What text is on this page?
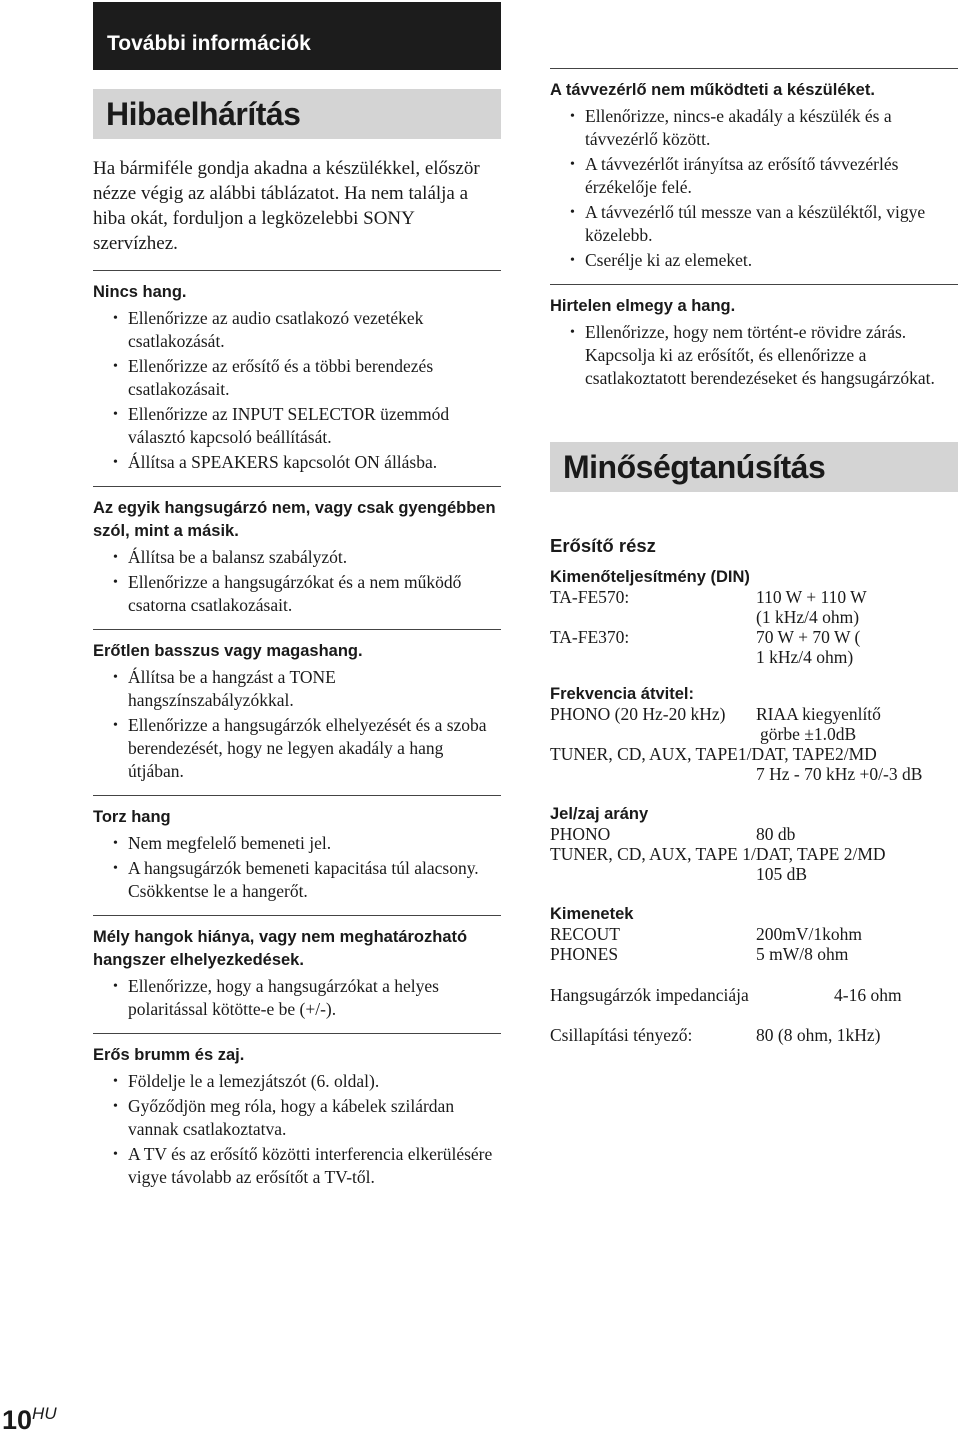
További információk
Hibaelhárítás

Ha bármiféle gondja akadna a készülékkel, először nézze végig az alábbi táblázatot. Ha nem találja a hiba okát, forduljon a legközelebbi SONY szervízhez.

Nincs hang.

• Ellenőrizze az audio csatlakozó vezetékek csatlakozását.
• Ellenőrizze az erősítő és a többi berendezés csatlakozásait.
• Ellenőrizze az INPUT SELECTOR üzemmód választó kapcsoló beállítását.
• Állítsa a SPEAKERS kapcsolót ON állásba.

Az egyik hangsugárzó nem, vagy csak gyengébben szól, mint a másik.

• Állítsa be a balansz szabályzót.
• Ellenőrizze a hangsugárzókat és a nem működő csatorna csatlakozásait.

Erőtlen basszus vagy magashang.

• Állítsa be a hangzást a TONE hangszínszabályzókkal.
• Ellenőrizze a hangsugárzók elhelyezését és a szoba berendezését, hogy ne legyen akadály a hang útjában.

Torz hang

• Nem megfelelő bemeneti jel.
• A hangsugárzók bemeneti kapacitása túl alacsony. Csökkentse le a hangerőt.

Mély hangok hiánya, vagy nem meghatározható hangszer elhelyezkedések.

• Ellenőrizze, hogy a hangsugárzókat a helyes polaritással kötötte-e be (+/-).

Erős brumm és zaj.

• Földelje le a lemezjátszót (6. oldal).
• Győződjön meg róla, hogy a kábelek szilárdan vannak csatlakoztatva.
• A TV és az erősítő közötti interferencia elkerülésére vigye távolabb az erősítőt a TV-től.

A távvezérlő nem működteti a készüléket.

• Ellenőrizze, nincs-e akadály a készülék és a távvezérlő között.
• A távvezérlőt irányítsa az erősítő távvezérlés érzékelője felé.
• A távvezérlő túl messze van a készüléktől, vigye közelebb.
• Cserélje ki az elemeket.

Hirtelen elmegy a hang.

• Ellenőrizze, hogy nem történt-e rövidre zárás. Kapcsolja ki az erősítőt, és ellenőrizze a csatlakoztatott berendezéseket és hangsugárzókat.
Minőségtanúsítás

Erősítő rész

Kimenőteljesítmény (DIN)

TA-FE570:	110 W + 110 W
(1 kHz/4 ohm)
TA-FE370:	70 W + 70 W (
1 kHz/4 ohm)

Frekvencia átvitel:

PHONO (20 Hz-20 kHz) RIAA kiegyenlítő
görbe ±1.0dB
TUNER, CD, AUX, TAPE1/DAT, TAPE2/MD
7 Hz - 70 kHz +0/-3 dB

Jel/zaj arány

PHONO	80 db
TUNER, CD, AUX, TAPE 1/DAT, TAPE 2/MD
105 dB

Kimenetek

RECOUT	200mV/1kohm
PHONES	5 mW/8 ohm
Hangsugárzók impedanciája	4-16 ohm
Csillapítási tényező:	80 (8 ohm, 1kHz)
$10^{HU}$
